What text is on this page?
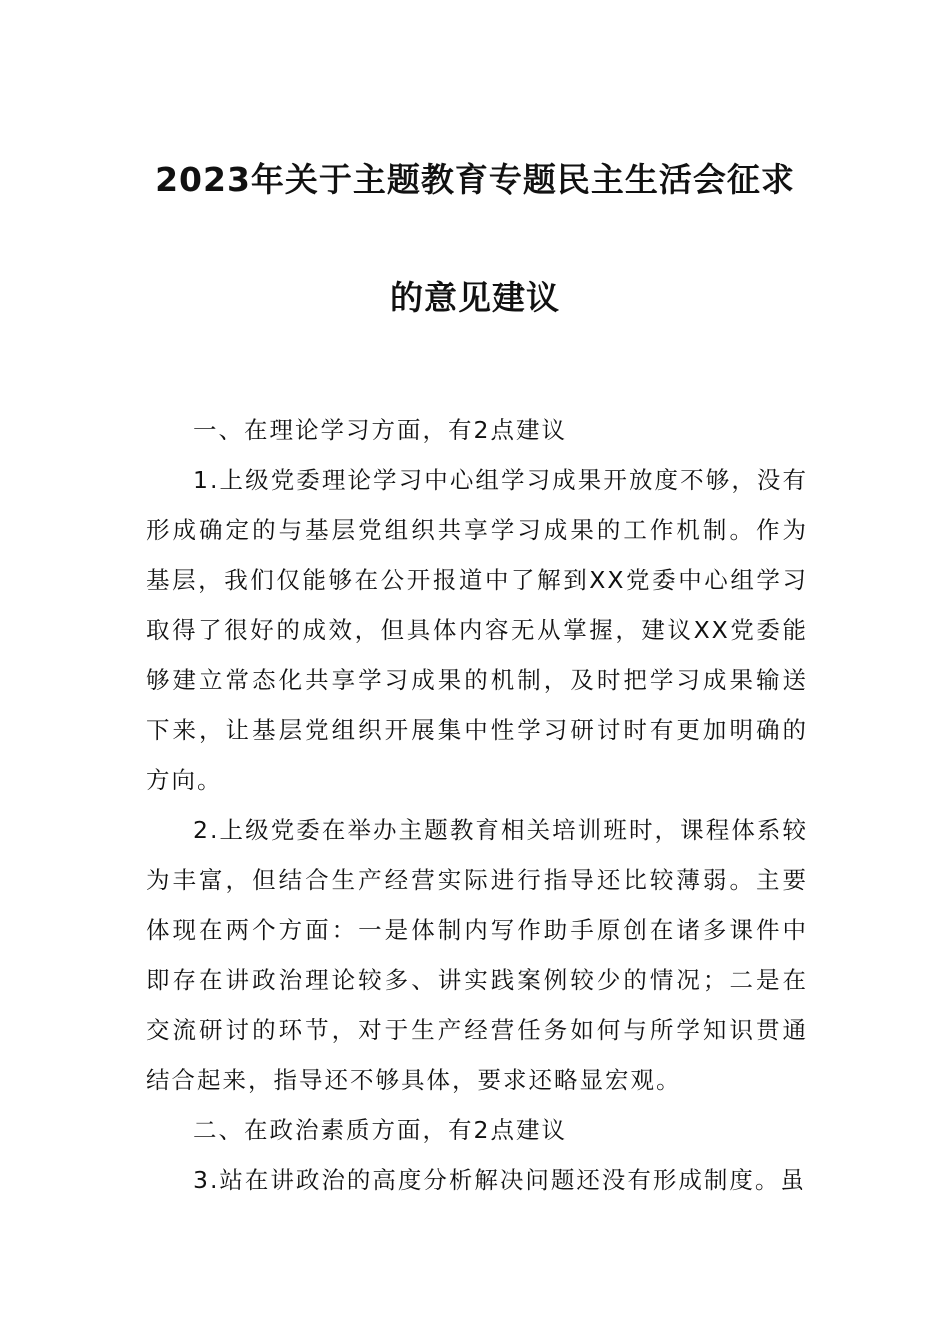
2023年关于主题教育专题民主生活会征求
的意见建议

一、在理论学习方面，有2点建议

1.上级党委理论学习中心组学习成果开放度不够，没有形成确定的与基层党组织共享学习成果的工作机制。作为基层，我们仅能够在公开报道中了解到XX党委中心组学习取得了很好的成效，但具体内容无从掌握，建议XX党委能够建立常态化共享学习成果的机制，及时把学习成果输送下来，让基层党组织开展集中性学习研讨时有更加明确的方向。

2.上级党委在举办主题教育相关培训班时，课程体系较为丰富，但结合生产经营实际进行指导还比较薄弱。主要体现在两个方面：一是体制内写作助手原创在诸多课件中即存在讲政治理论较多、讲实践案例较少的情况；二是在交流研讨的环节，对于生产经营任务如何与所学知识贯通结合起来，指导还不够具体，要求还略显宏观。

二、在政治素质方面，有2点建议

3.站在讲政治的高度分析解决问题还没有形成制度。虽
